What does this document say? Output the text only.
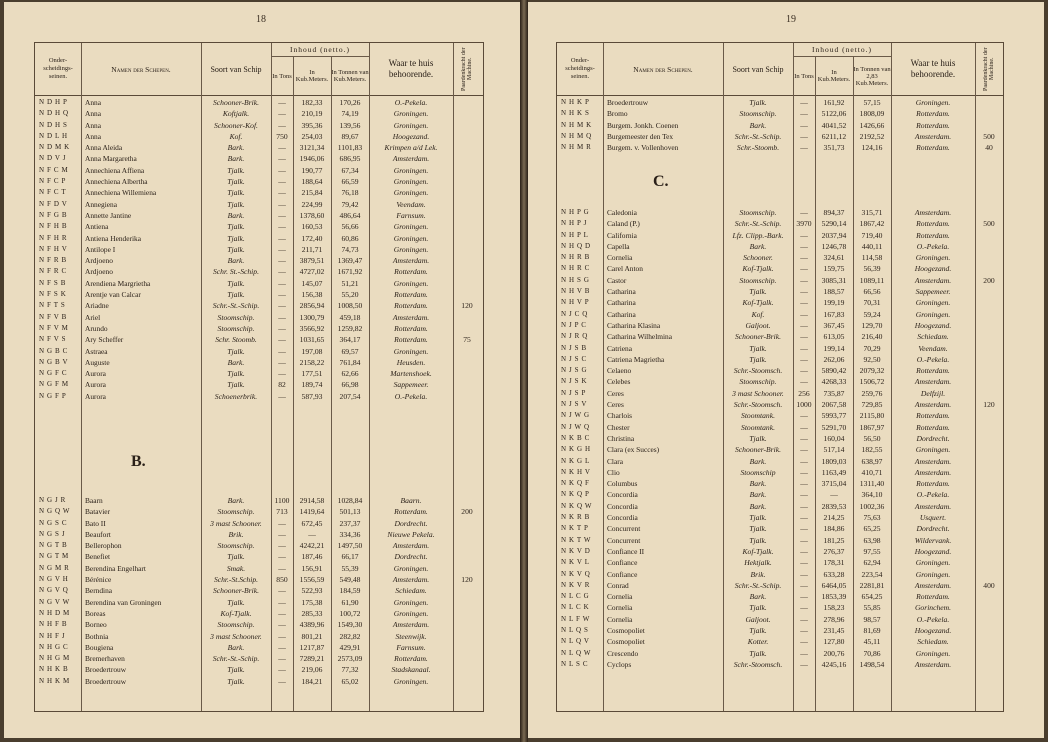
18
Onder-scheidings-seinen.
Namen der Schepen.	Soort van Schip
Inhoud (netto.)
In Tons	In Kub.Meters.
In Tonnen van Kub.Meters.
Waar te huis behoorende.	Paardenkracht der Machine.
N D H P	Anna	Schooner-Brik.	—	182,33	170,26	O.-Pekela.
N D H Q	Anna	Koftjalk.	—	210,19	74,19	Groningen.
N D H S	Anna	Schooner-Kof.	—	395,36	139,56	Groningen.
N D L H	Anna	Kof.	750	254,03	89,67	Hoogezand.
N D M K	Anna Aleida	Bark.	—	3121,34	1101,83	Krimpen a/d Lek.
N D V J	Anna Margaretha	Bark.	—	1946,06	686,95	Amsterdam.
N F C M	Annechiena Affiena	Tjalk.	—	190,77	67,34	Groningen.
N F C P	Annechiena Albertha	Tjalk.	—	188,64	66,59	Groningen.
N F C T	Annechiena Willemiena	Tjalk.	—	215,84	76,18	Groningen.
N F D V	Annegiena	Tjalk.	—	224,99	79,42	Veendam.
N F G B	Annette Jantine	Bark.	—	1378,60	486,64	Farnsum.
N F H B	Antiena	Tjalk.	—	160,53	56,66	Groningen.
N F H R	Antiena Henderika	Tjalk.	—	172,40	60,86	Groningen.
N F H V	Antilope I	Tjalk.	—	211,71	74,73	Groningen.
N F R B	Ardjoeno	Bark.	—	3879,51	1369,47	Amsterdam.
N F R C	Ardjoeno	Schr. St.-Schip.	—	4727,02	1671,92	Rotterdam.
N F S B	Arendiena Margrietha	Tjalk.	—	145,07	51,21	Groningen.
N F S K	Arentje van Calcar	Tjalk.	—	156,38	55,20	Rotterdam.
N F T S	Ariadne	Schr.-St.-Schip.	—	2856,94	1008,50	Rotterdam.	120
N F V B	Ariel	Stoomschip.	—	1300,79	459,18	Amsterdam.
N F V M	Arundo	Stoomschip.	—	3566,92	1259,82	Rotterdam.
N F V S	Ary Scheffer	Schr. Stoomb.	—	1031,65	364,17	Rotterdam.	75
N G B C	Astraea	Tjalk.	—	197,08	69,57	Groningen.
N G B V	Auguste	Bark.	—	2158,22	761,84	Heusden.
N G F C	Aurora	Tjalk.	—	177,51	62,66	Martenshoek.
N G F M	Aurora	Tjalk.	82	189,74	66,98	Sappemeer.
N G F P	Aurora	Schoenerbrik.	—	587,93	207,54	O.-Pekela.
N G J R	Baarn	Bark.	1100	2914,58	1028,84	Baarn.
N G Q W	Batavier	Stoomschip.	713	1419,64	501,13	Rotterdam.	200
N G S C	Bato II	3 mast Schooner.	—	672,45	237,37	Dordrecht.
N G S J	Beaufort	Brik.	—	—	334,36	Nieuwe Pekela.
N G T B	Bellerophon	Stoomschip.	—	4242,21	1497,50	Amsterdam.
N G T M	Benefiet	Tjalk.	—	187,46	66,17	Dordrecht.
N G M R	Berendina Engelhart	Smak.	—	156,91	55,39	Groningen.
N G V H	Bérénice	Schr.-St.Schip.	850	1556,59	549,48	Amsterdam.	120
N G V Q	Berndina	Schooner-Brik.	—	522,93	184,59	Schiedam.
N G V W	Berendina van Groningen	Tjalk.	—	175,38	61,90	Groningen.
N H D M	Boreas	Kof-Tjalk.	—	285,33	100,72	Groningen.
N H F B	Borneo	Stoomschip.	—	4389,96	1549,30	Amsterdam.
N H F J	Bothnia	3 mast Schooner.	—	801,21	282,82	Steenwijk.
N H G C	Bougiena	Bark.	—	1217,87	429,91	Farnsum.
N H G M	Bremerhaven	Schr.-St.-Schip.	—	7289,21	2573,09	Rotterdam.
N H K B	Broedertrouw	Tjalk.	—	219,06	77,32	Stadskanaal.
N H K M	Broedertrouw	Tjalk.	—	184,21	65,02	Groningen.
B.
19
Onder-scheidings-seinen.
Namen der Schepen.	Soort van Schip
Inhoud (netto.)
In Tons	In Kub.Meters.
In Tonnen van 2,83 Kub.Meters.
Waar te huis behoorende.	Paardenkracht der Machine.
N H K P	Broedertrouw	Tjalk.	—	161,92	57,15	Groningen.
N H K S	Bromo	Stoomschip.	—	5122,06	1808,09	Rotterdam.
N H M K	Burgem. Jonkh. Coenen	Bark.	—	4041,52	1426,66	Rotterdam.
N H M Q	Burgemeester den Tex	Schr.-St.-Schip.	—	6211,12	2192,52	Amsterdam.	500
N H M R	Burgem. v. Vollenhoven	Schr.-Stoomb.	—	351,73	124,16	Rotterdam.	40
N H P G	Caledonia	Stoomschip.	—	894,37	315,71	Amsterdam.
N H P J	Caland (P.)	Schr.-St.-Schip.	3970	5290,14	1867,42	Rotterdam.	500
N H P L	California	Lfz. Clipp.-Bark.	—	2037,94	719,40	Rotterdam.
N H Q D	Capella	Bark.	—	1246,78	440,11	O.-Pekela.
N H R B	Cornelia	Schooner.	—	324,61	114,58	Groningen.
N H R C	Carel Anton	Kof-Tjalk.	—	159,75	56,39	Hoogezand.
N H S G	Castor	Stoomschip.	—	3085,31	1089,11	Amsterdam.	200
N H V B	Catharina	Tjalk.	—	188,57	66,56	Sappemeer.
N H V P	Catharina	Kof-Tjalk.	—	199,19	70,31	Groningen.
N J C Q	Catharina	Kof.	—	167,83	59,24	Groningen.
N J P C	Catharina Klasina	Galjoot.	—	367,45	129,70	Hoogezand.
N J R Q	Catharina Wilhelmina	Schooner-Brik.	—	613,05	216,40	Schiedam.
N J S B	Catriena	Tjalk.	—	199,14	70,29	Veendam.
N J S C	Catriena Magrietha	Tjalk.	—	262,06	92,50	O.-Pekela.
N J S G	Celaeno	Schr.-Stoomsch.	—	5890,42	2079,32	Rotterdam.
N J S K	Celebes	Stoomschip.	—	4268,33	1506,72	Amsterdam.
N J S P	Ceres	3 mast Schooner.	256	735,87	259,76	Delfzijl.
N J S V	Ceres	Schr.-Stoomsch.	1000	2067,58	729,85	Amsterdam.	120
N J W G	Charlois	Stoomtank.	—	5993,77	2115,80	Rotterdam.
N J W Q	Chester	Stoomtank.	—	5291,70	1867,97	Rotterdam.
N K B C	Christina	Tjalk.	—	160,04	56,50	Dordrecht.
N K G H	Clara (ex Succes)	Schooner-Brik.	—	517,14	182,55	Groningen.
N K G L	Clara	Bark.	—	1809,03	638,97	Amsterdam.
N K H V	Clio	Stoomschip	—	1163,49	410,71	Amsterdam.
N K Q F	Columbus	Bark.	—	3715,04	1311,40	Rotterdam.
N K Q P	Concordia	Bark.	—	—	364,10	O.-Pekela.
N K Q W	Concordia	Bark.	—	2839,53	1002,36	Amsterdam.
N K R B	Concordia	Tjalk.	—	214,25	75,63	Usquert.
N K T P	Concurrent	Tjalk.	—	184,86	65,25	Dordrecht.
N K T W	Concurrent	Tjalk.	—	181,25	63,98	Wildervank.
N K V D	Confiance II	Kof-Tjalk.	—	276,37	97,55	Hoogezand.
N K V L	Confiance	Hektjalk.	—	178,31	62,94	Groningen.
N K V Q	Confiance	Brik.	—	633,28	223,54	Groningen.
N K V R	Conrad	Schr.-St.-Schip.	—	6464,05	2281,81	Amsterdam.	400
N L C G	Cornelia	Bark.	—	1853,39	654,25	Rotterdam.
N L C K	Cornelia	Tjalk.	—	158,23	55,85	Gorinchem.
N L F W	Cornelia	Galjoot.	—	278,96	98,57	O.-Pekela.
N L Q S	Cosmopoliet	Tjalk.	—	231,45	81,69	Hoogezand.
N L Q V	Cosmopoliet	Kotter.	—	127,80	45,11	Schiedam.
N L Q W	Crescendo	Tjalk.	—	200,76	70,86	Groningen.
N L S C	Cyclops	Schr.-Stoomsch.	—	4245,16	1498,54	Amsterdam.
C.
